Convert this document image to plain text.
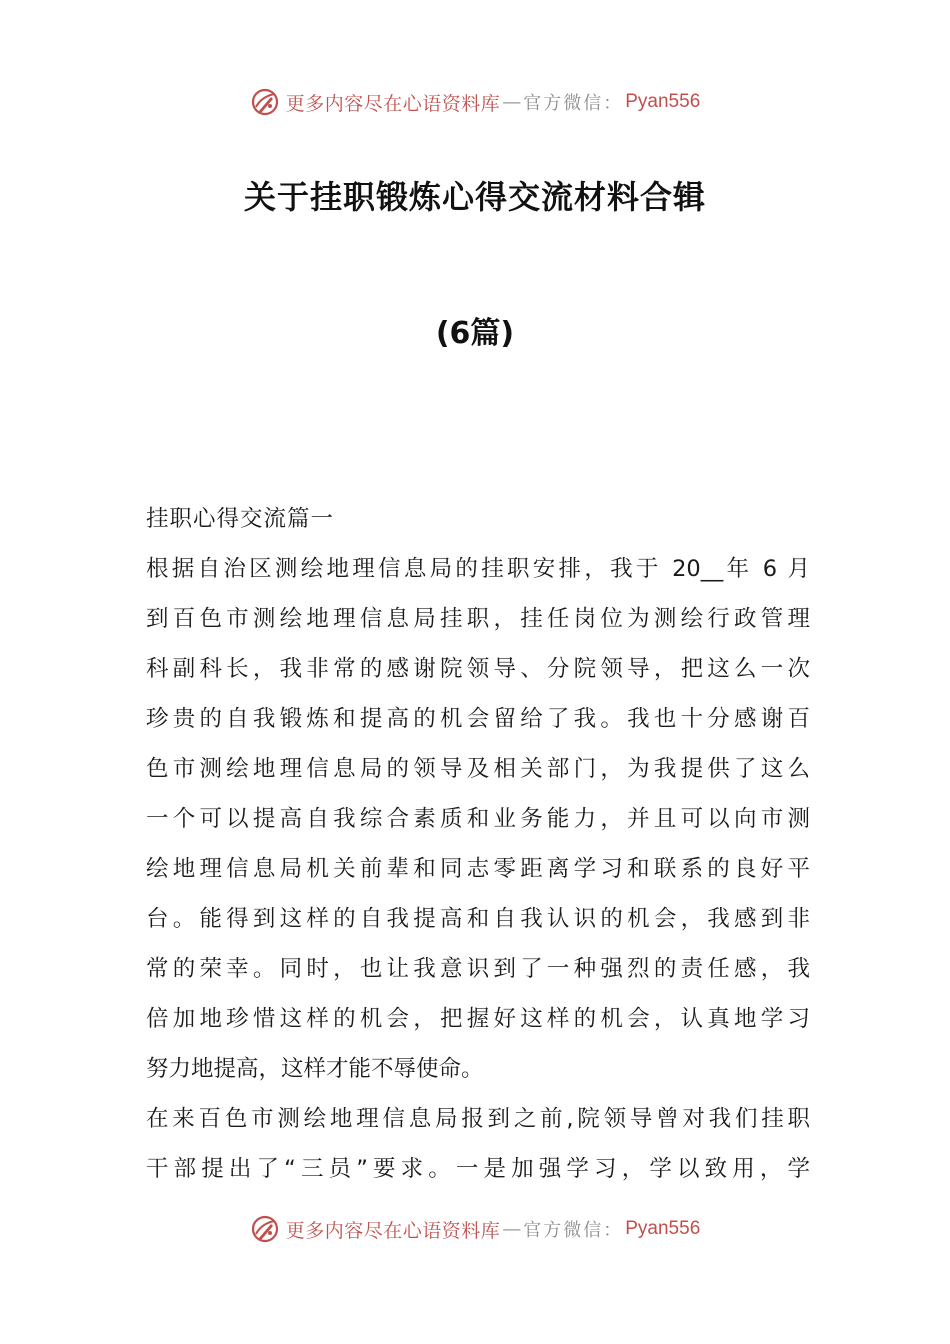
更多内容尽在心语资料库 — 官方微信： Pyan556
关于挂职锻炼心得交流材料合辑
(6篇)
挂职心得交流篇一
根据自治区测绘地理信息局的挂职安排，我于 20__年 6 月
到百色市测绘地理信息局挂职，挂任岗位为测绘行政管理
科副科长，我非常的感谢院领导、分院领导，把这么一次
珍贵的自我锻炼和提高的机会留给了我。我也十分感谢百
色市测绘地理信息局的领导及相关部门，为我提供了这么
一个可以提高自我综合素质和业务能力，并且可以向市测
绘地理信息局机关前辈和同志零距离学习和联系的良好平
台。能得到这样的自我提高和自我认识的机会，我感到非
常的荣幸。同时，也让我意识到了一种强烈的责任感，我
倍加地珍惜这样的机会，把握好这样的机会，认真地学习
努力地提高，这样才能不辱使命。
在来百色市测绘地理信息局报到之前,院领导曾对我们挂职
干部提出了“三员”要求。一是加强学习，学以致用，学
更多内容尽在心语资料库 — 官方微信： Pyan556
